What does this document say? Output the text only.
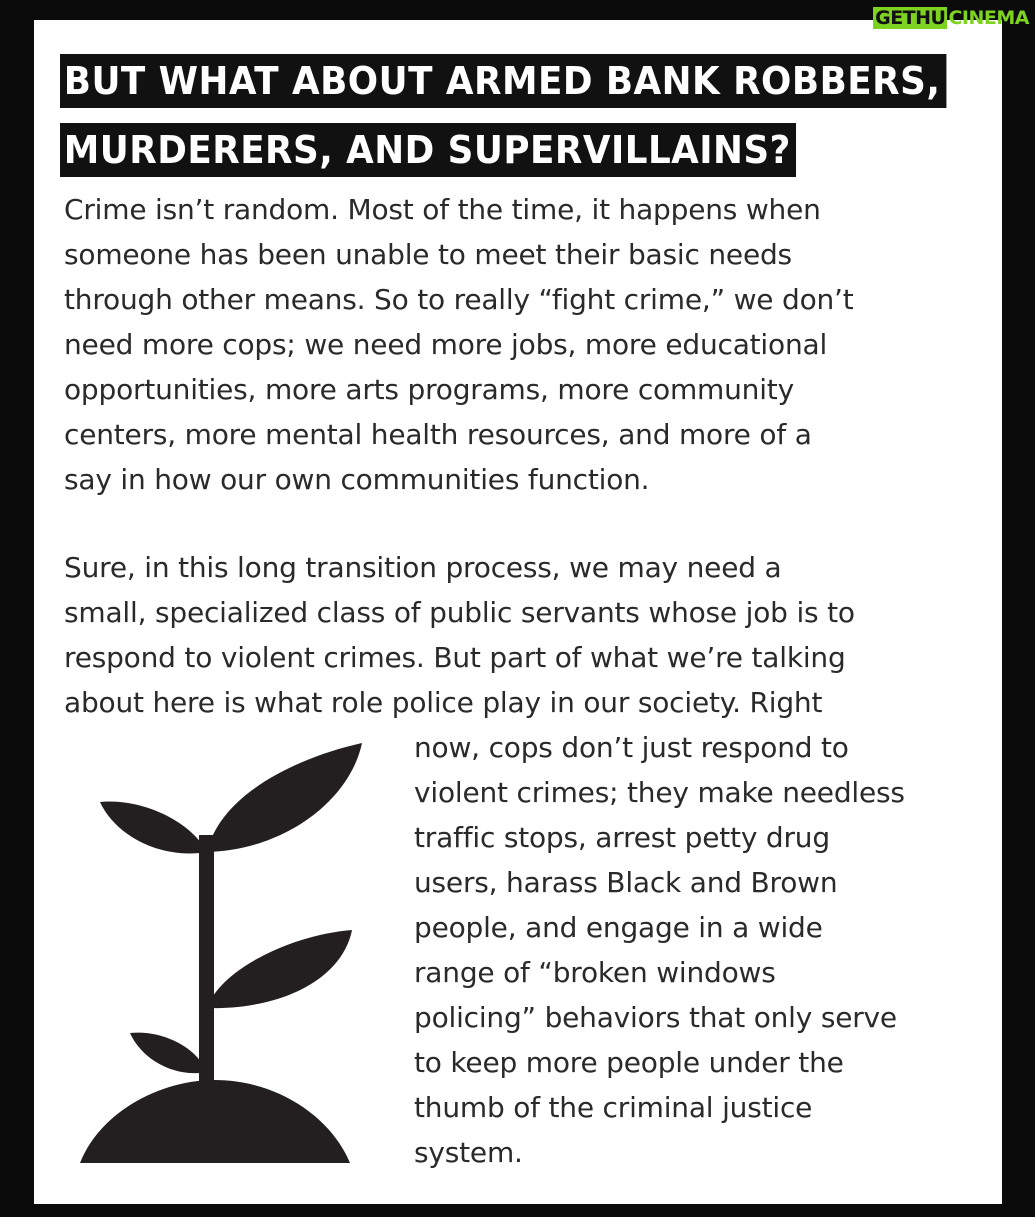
BUT WHAT ABOUT ARMED BANK ROBBERS,
MURDERERS, AND SUPERVILLAINS?

Crime isn’t random. Most of the time, it happens when
someone has been unable to meet their basic needs
through other means. So to really “fight crime,” we don’t
need more cops; we need more jobs, more educational
opportunities, more arts programs, more community
centers, more mental health resources, and more of a
say in how our own communities function.

Sure, in this long transition process, we may need a
small, specialized class of public servants whose job is to
respond to violent crimes. But part of what we’re talking
about here is what role police play in our society. Right

now, cops don’t just respond to
violent crimes; they make needless
traffic stops, arrest petty drug
users, harass Black and Brown
people, and engage in a wide
range of “broken windows
policing” behaviors that only serve
to keep more people under the
thumb of the criminal justice
system.

GETHU CINEMA
